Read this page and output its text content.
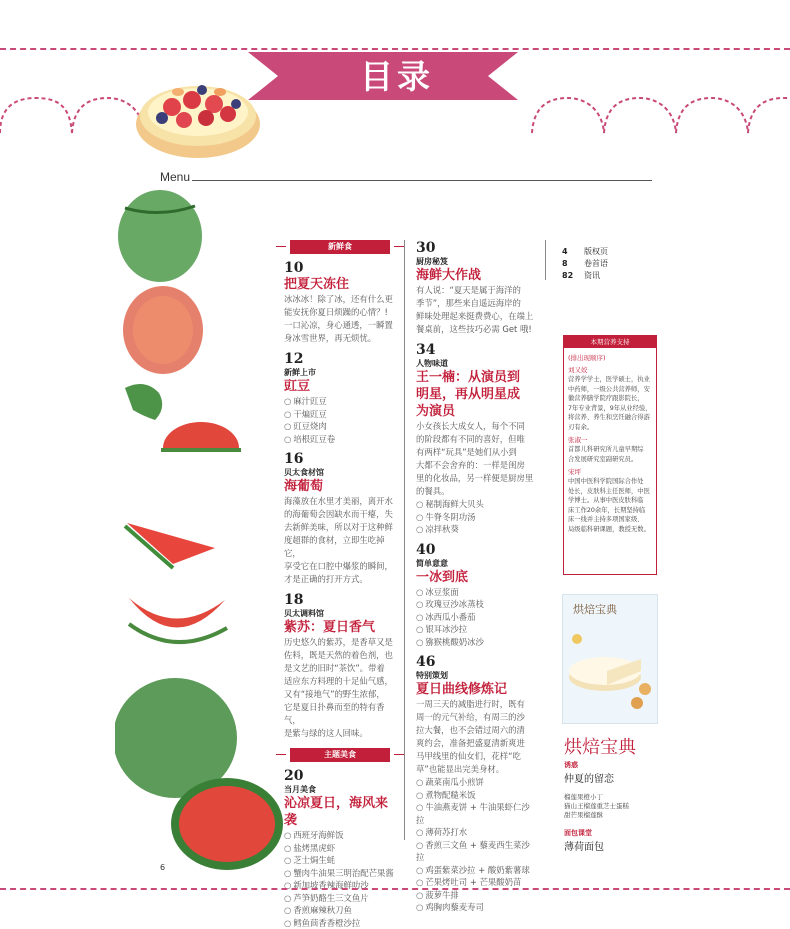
目录
Menu
新鲜食
10
把夏天冻住
冰冰冰！除了冰，还有什么更
能安抚你夏日烦躁的心情？!
一口沁凉，身心通透，一瞬置
身冰雪世界，再无烦忧。
12
新鲜上市
豇豆
○ 麻汁豇豆
○ 干煸豇豆
○ 豇豆烧肉
○ 培根豇豆卷
16
贝太食材馆
海葡萄
海藻放在水里才美丽，离开水
的海葡萄会因缺水而干瘪，失
去新鲜美味，所以对于这种鲜
度超群的食材，立即生吃掉它，
享受它在口腔中爆浆的瞬间，
才是正确的打开方式。
18
贝太调料馆
紫苏：夏日香气
历史悠久的紫苏，是香草又是
佐料，既是天然的着色剂，也
是文艺的旧时“茶饮”。带着
适应东方料理的十足仙气感，
又有“接地气”的野生浓郁，
它是夏日扑鼻而至的特有香气，
是紫与绿的这人回味。
主题美食
20
当月美食
沁凉夏日，海风来袭
○ 西班牙海鲜饭
○ 盐烤黑虎虾
○ 芝士焗生蚝
○ 蟹肉牛油果三明治配芒果酱
○ 新加坡香辣海鲜叻沙
○ 芦笋奶酪生三文鱼片
○ 香煎麻辣秋刀鱼
○ 鳕鱼茴香香橙沙拉
30
厨房秘笈
海鲜大作战
有人说：“夏天是属于海洋的
季节”，那些来自遥远海岸的
鲜味处理起来挺费费心，在端上
餐桌前，这些技巧必需 Get 哦!
34
人物味道
王一楠：从演员到
明星，再从明星成
为演员
小女孩长大成女人，每个不同
的阶段都有不同的喜好，但唯
有两样“玩具”是她们从小到
大都不会舍弃的：一样是闺房
里的化妆品，另一样便是厨房里
的餐具。
○ 秘制海鲜大贝头
○ 牛脊冬阴功汤
○ 凉拌秋葵
40
简单意意
一冰到底
○ 冰豆浆面
○ 玫瑰豆沙冰蒸枝
○ 冰西瓜小番茄
○ 银耳冰沙拉
○ 猕猴桃酸奶冰沙
46
特别策划
夏日曲线修炼记
一周三天的减脂进行时，既有
周一的元气补给，有周三的沙
拉大餐，也不会错过周六的清
爽约会，准备把盛夏清新爽进
马甲线里的仙女们，花样“吃
草”也能显出完美身材。
○ 蔬菜南瓜小煎饼
○ 煮物配糙米饭
○ 牛油燕麦饼 + 牛油果虾仁沙拉
○ 薄荷苏打水
○ 香煎三文鱼 + 藜麦西生菜沙拉
○ 鸡蛋紫菜沙拉 + 酸奶紫薯球
○ 芒果烤吐司 + 芒果酸奶苗
○ 菠萝牛排
○ 鸡胸肉藜麦寿司
4 版权页
8 卷首语
82 资讯
本期营养支持
(排出现顺序)
刘又姣
营养学学士，医学硕士，执业
中药师，一级公共营养师，安
徽营养膳学院疗跟影院长，
7年专业背景，9年从业经验，
将营养、养生和烹饪融合得游
刃有余。
张淑一
首都儿科研究所儿童早期综
合发展研究室副研究员。
宋坪
中国中医科学院国际合作处
处长，皮肤科主任医师，中医
学博士。从事中医皮肤科临
床工作20余年，长期坚持临
床一线并主持多项国家级、
局级临科研课题，教授无数。
烘焙宝典
烘焙宝典
诱惑
仲夏的留恋
榴莲果橙小丁
猫山王榴莲重芝士蛋糕
甜芒果榴莲酥
面包课堂
薄荷面包
6
